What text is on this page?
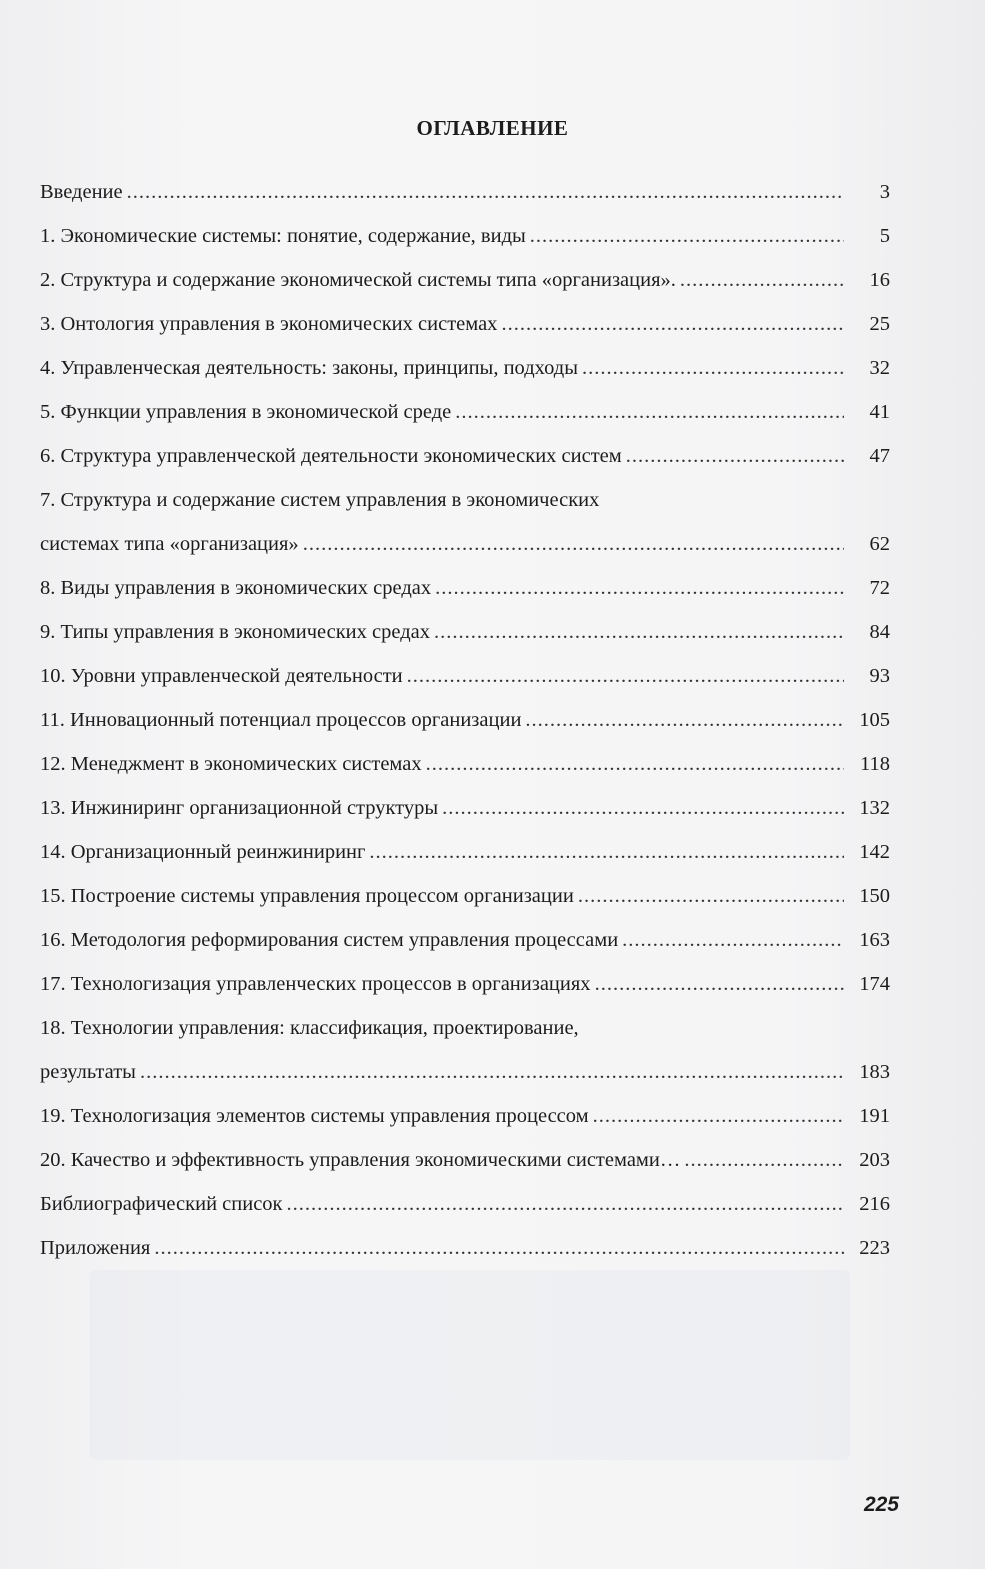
ОГЛАВЛЕНИЕ
Введение .....	3
1. Экономические системы: понятие, содержание, виды .....	5
2. Структура и содержание экономической системы типа «организация». .....	16
3. Онтология управления в экономических системах .....	25
4. Управленческая деятельность: законы, принципы, подходы .....	32
5. Функции управления в экономической среде .....	41
6. Структура управленческой деятельности экономических систем .....	47
7. Структура и содержание систем управления в экономических
системах типа «организация» .....	62
8. Виды управления в экономических средах .....	72
9. Типы управления в экономических средах .....	84
10. Уровни управленческой деятельности .....	93
11. Инновационный потенциал процессов организации .....	105
12. Менеджмент в экономических системах .....	118
13. Инжиниринг организационной структуры .....	132
14. Организационный реинжиниринг .....	142
15. Построение системы управления процессом организации .....	150
16. Методология реформирования систем управления процессами .....	163
17. Технологизация управленческих процессов в организациях .....	174
18. Технологии управления: классификация, проектирование,
результаты .....	183
19. Технологизация элементов системы управления процессом .....	191
20. Качество и эффективность управления экономическими системами… .....	203
Библиографический список .....	216
Приложения .....	223
225
